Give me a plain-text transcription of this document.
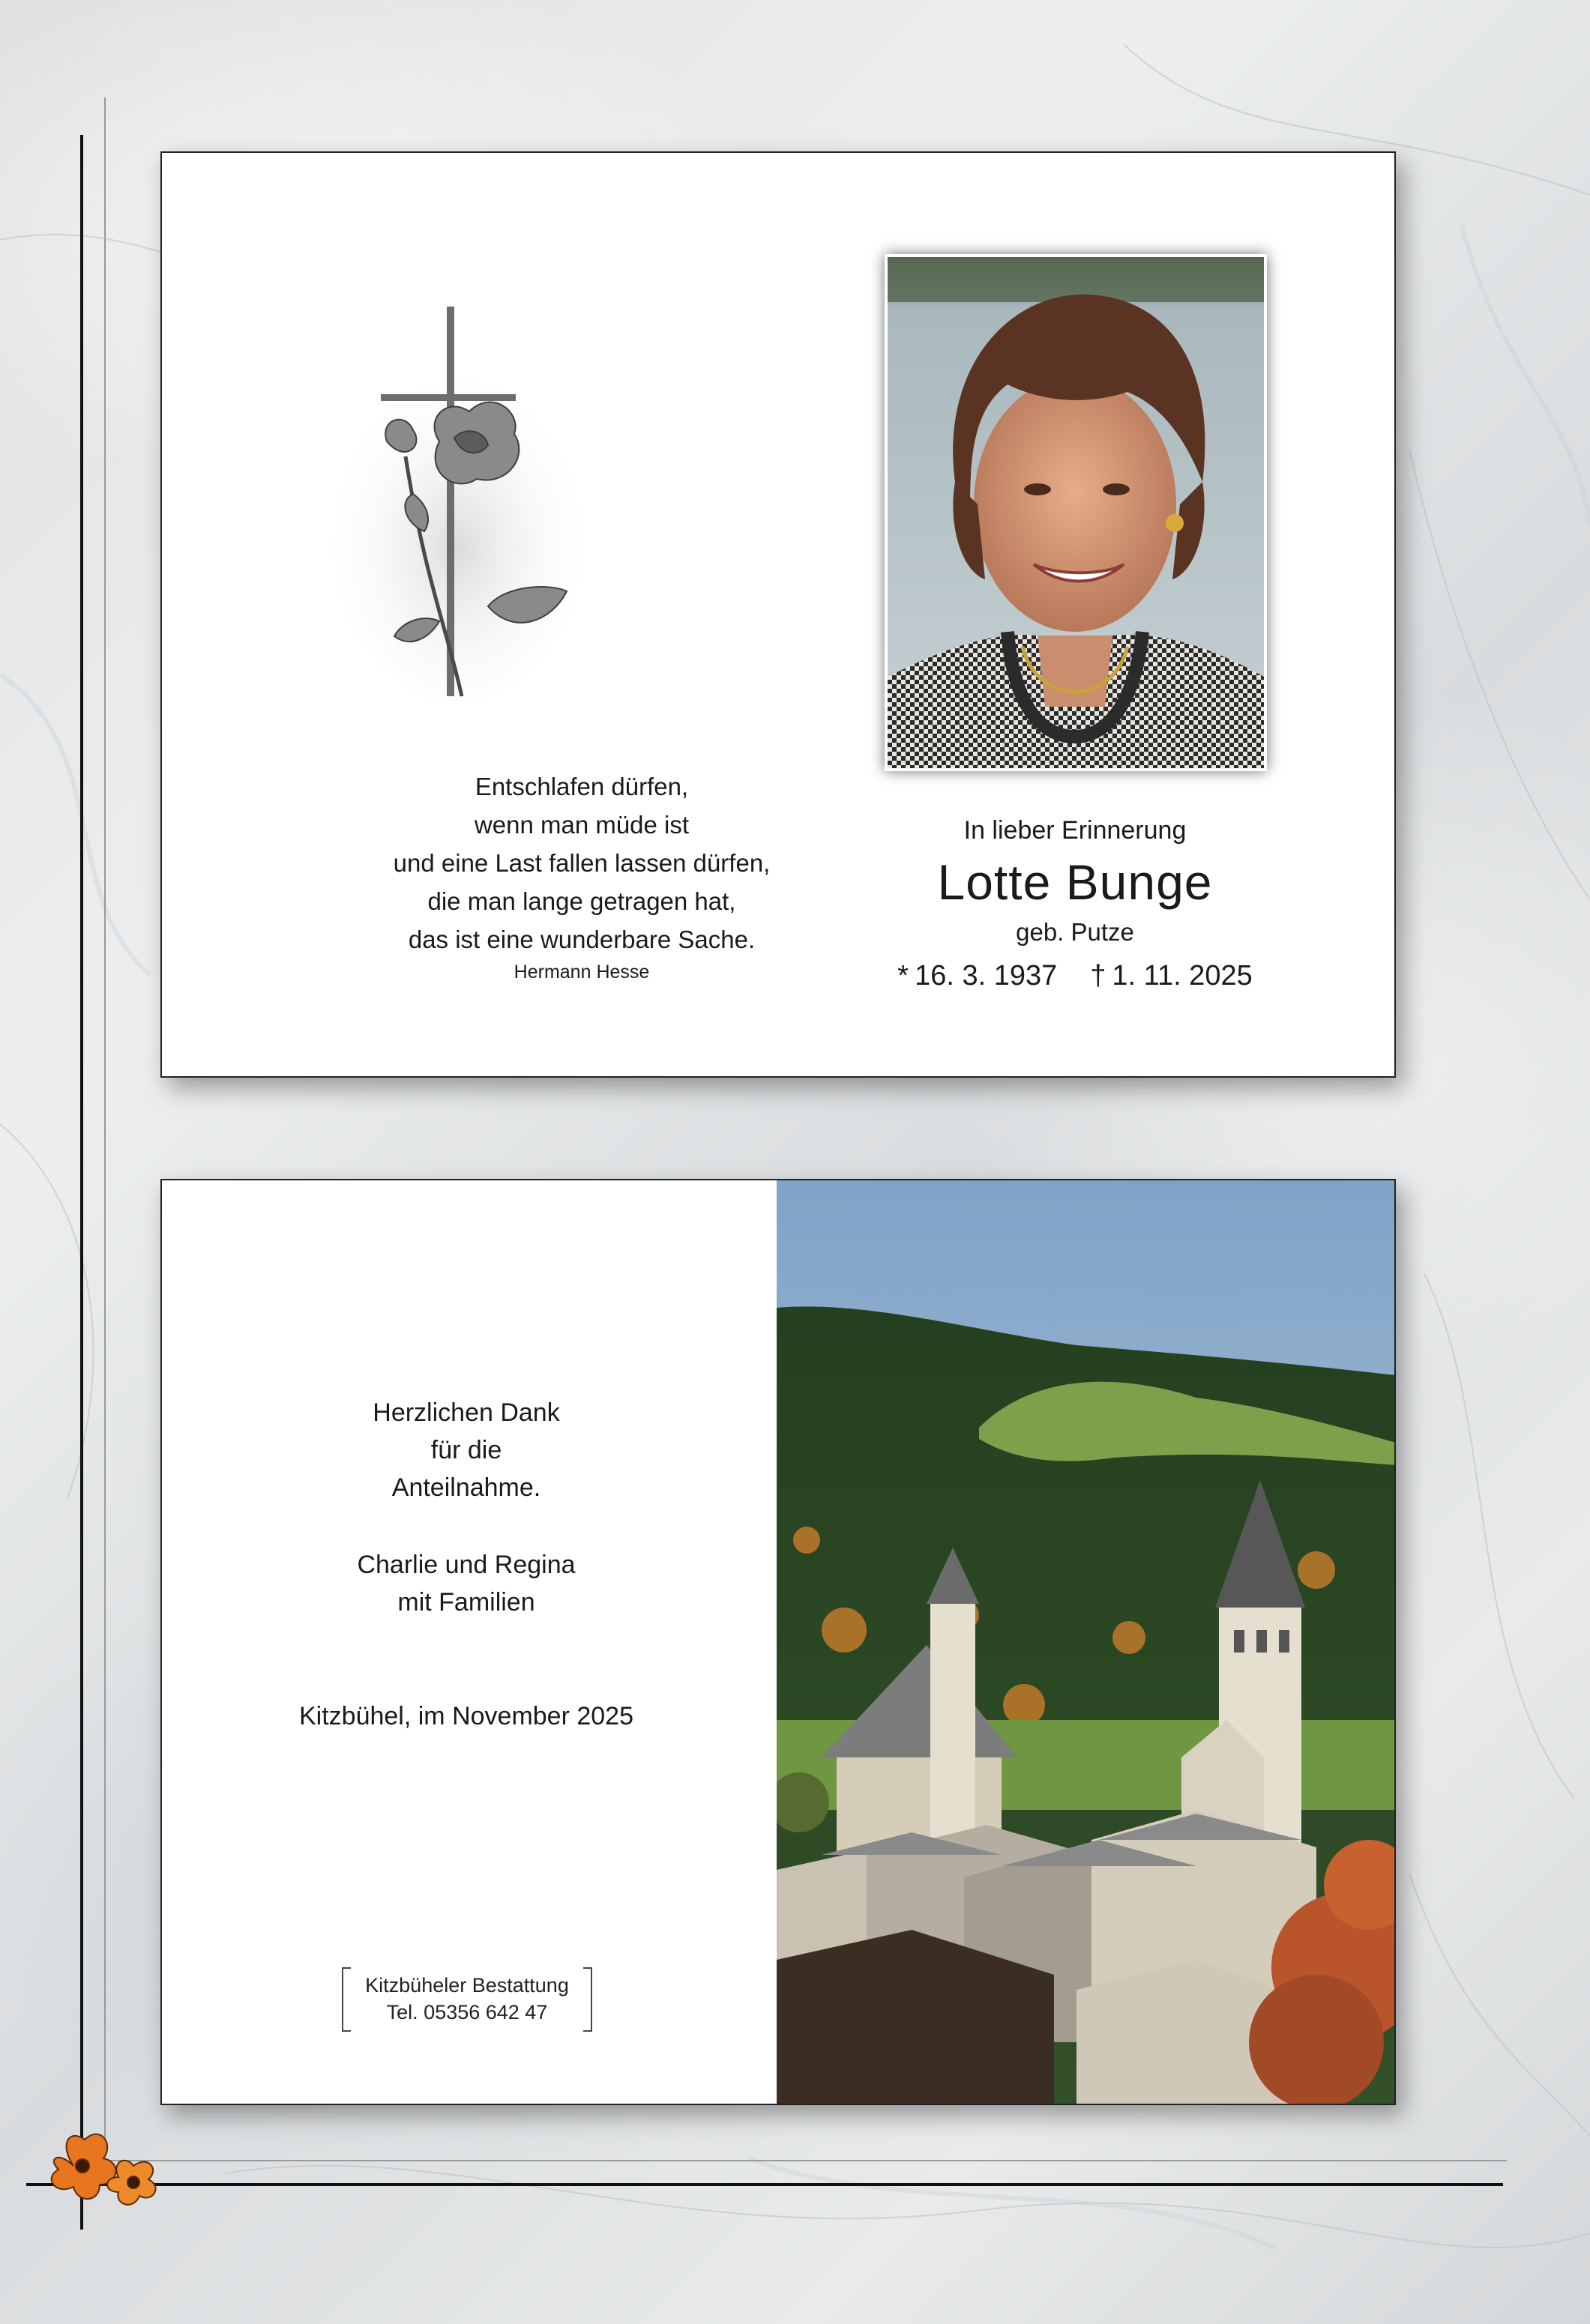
Entschlafen dürfen,
wenn man müde ist
und eine Last fallen lassen dürfen,
die man lange getragen hat,
das ist eine wunderbare Sache.
Hermann Hesse
In lieber Erinnerung
Lotte Bunge
geb. Putze
* 16. 3. 1937 † 1. 11. 2025
Herzlichen Dank
für die
Anteilnahme.
Charlie und Regina
mit Familien
Kitzbühel, im November 2025
Kitzbüheler Bestattung
Tel. 05356 642 47
